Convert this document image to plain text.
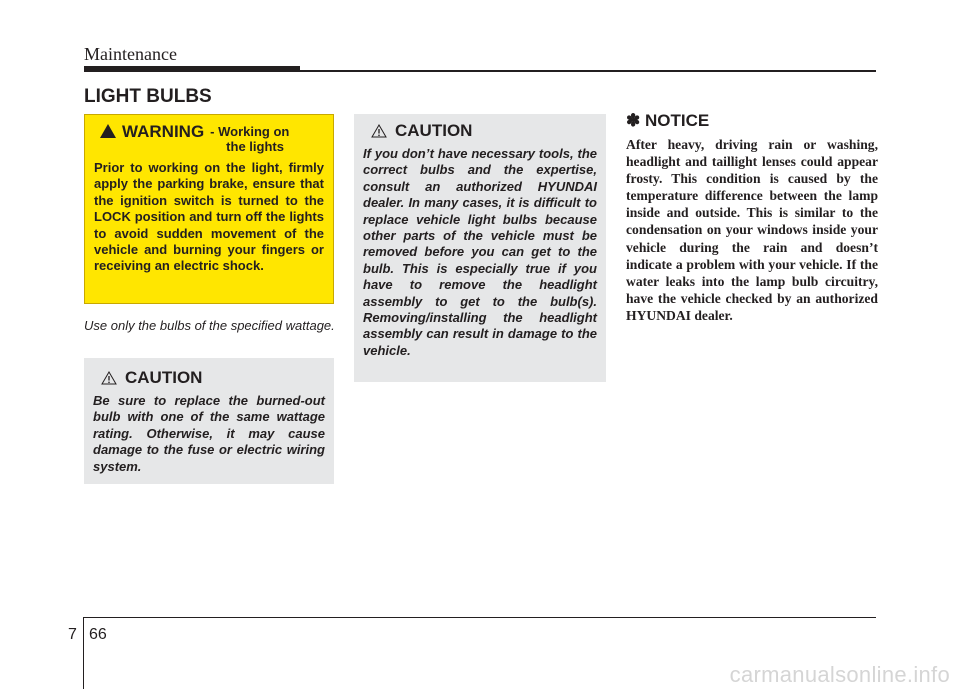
Maintenance
LIGHT BULBS
WARNING - Working on
the lights
Prior to working on the light, firmly apply the parking brake, ensure that the ignition switch is turned to the LOCK position and turn off the lights to avoid sudden movement of the vehicle and burning your fingers or receiving an electric shock.
Use only the bulbs of the specified wattage.
CAUTION
Be sure to replace the burned-out bulb with one of the same wattage rating. Otherwise, it may cause damage to the fuse or electric wiring system.
CAUTION
If you don’t have necessary tools, the correct bulbs and the expertise, consult an authorized HYUNDAI dealer. In many cases, it is difficult to replace vehicle light bulbs because other parts of the vehicle must be removed before you can get to the bulb. This is especially true if you have to remove the headlight assembly to get to the bulb(s). Removing/installing the headlight assembly can result in damage to the vehicle.
✽ NOTICE
After heavy, driving rain or washing, headlight and taillight lenses could appear frosty. This condition is caused by the temperature difference between the lamp inside and outside. This is similar to the condensation on your windows inside your vehicle during the rain and doesn’t indicate a problem with your vehicle. If the water leaks into the lamp bulb circuitry, have the vehicle checked by an authorized HYUNDAI dealer.
7 66
carmanualsonline.info
